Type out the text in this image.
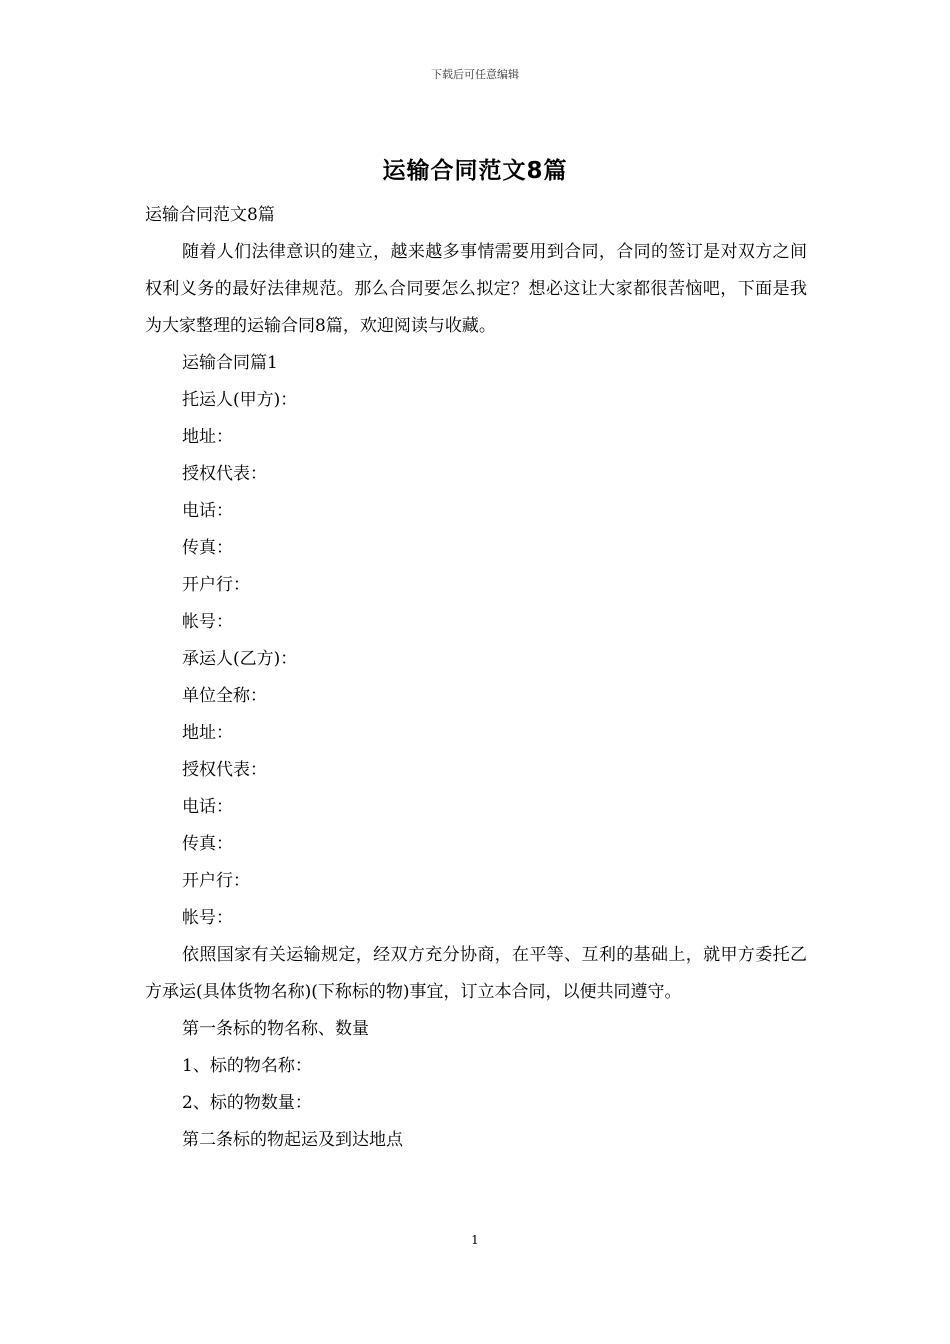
下载后可任意编辑
运输合同范文8篇

运输合同范文8篇

随着人们法律意识的建立，越来越多事情需要用到合同，合同的签订是对双方之间权利义务的最好法律规范。那么合同要怎么拟定？想必这让大家都很苦恼吧，下面是我为大家整理的运输合同8篇，欢迎阅读与收藏。

运输合同篇1

托运人(甲方)：

地址：

授权代表：

电话：

传真：

开户行：

帐号：

承运人(乙方)：

单位全称：

地址：

授权代表：

电话：

传真：

开户行：

帐号：

依照国家有关运输规定，经双方充分协商，在平等、互利的基础上，就甲方委托乙方承运(具体货物名称)(下称标的物)事宜，订立本合同，以便共同遵守。

第一条标的物名称、数量

1、标的物名称：

2、标的物数量：

第二条标的物起运及到达地点

1
